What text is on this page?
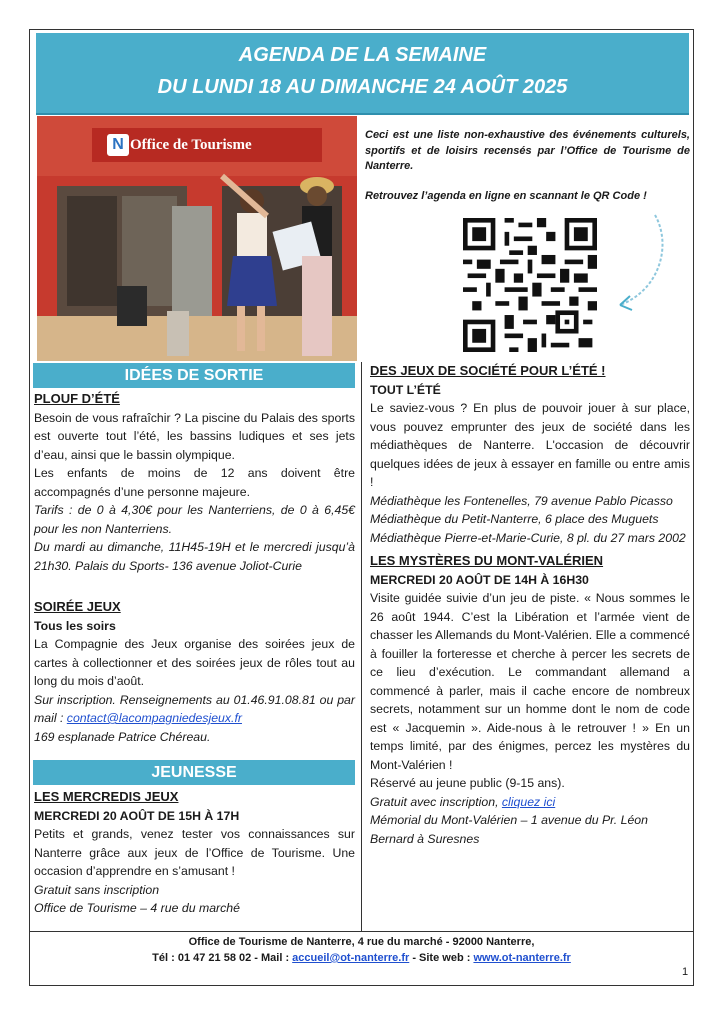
AGENDA DE LA SEMAINE
DU LUNDI 18 AU DIMANCHE 24 AOÛT 2025
Office de Tourisme
N

Ceci est une liste non-exhaustive des événements culturels, sportifs et de loisirs recensés par l’Office de Tourisme de Nanterre.

Retrouvez l’agenda en ligne en scannant le QR Code !

IDÉES DE SORTIE
PLOUF D’ÉTÉ
Besoin de vous rafraîchir ? La piscine du Palais des sports est ouverte tout l’été, les bassins ludiques et ses jets d’eau, ainsi que le bassin olympique.
Les enfants de moins de 12 ans doivent être accompagnés d’une personne majeure.
Tarifs : de 0 à 4,30€ pour les Nanterriens, de 0 à 6,45€ pour les non Nanterriens.
Du mardi au dimanche, 11H45-19H et le mercredi jusqu’à 21h30. Palais du Sports- 136 avenue Joliot-Curie
SOIRÉE JEUX
Tous les soirs
La Compagnie des Jeux organise des soirées jeux de cartes à collectionner et des soirées jeux de rôles tout au long du mois d’août.
Sur inscription. Renseignements au 01.46.91.08.81 ou par mail : contact@lacompagniedesjeux.fr
169 esplanade Patrice Chéreau.
JEUNESSE
LES MERCREDIS JEUX
MERCREDI 20 AOÛT DE 15H À 17H
Petits et grands, venez tester vos connaissances sur Nanterre grâce aux jeux de l’Office de Tourisme. Une occasion d’apprendre en s’amusant !
Gratuit sans inscription
Office de Tourisme – 4 rue du marché
DES JEUX DE SOCIÉTÉ POUR L’ÉTÉ !
TOUT L’ÉTÉ
Le saviez-vous ? En plus de pouvoir jouer à sur place, vous pouvez emprunter des jeux de société dans les médiathèques de Nanterre. L'occasion de découvrir quelques idées de jeux à essayer en famille ou entre amis !
Médiathèque les Fontenelles, 79 avenue Pablo Picasso
Médiathèque du Petit-Nanterre, 6 place des Muguets
Médiathèque Pierre-et-Marie-Curie, 8 pl. du 27 mars 2002
LES MYSTÈRES DU MONT-VALÉRIEN
MERCREDI 20 AOÛT DE 14H À 16H30
Visite guidée suivie d’un jeu de piste. « Nous sommes le 26 août 1944. C’est la Libération et l’armée vient de chasser les Allemands du Mont-Valérien. Elle a commencé à fouiller la forteresse et cherche à percer les secrets de ce lieu d’exécution. Le commandant allemand a commencé à parler, mais il cache encore de nombreux secrets, notamment sur un homme dont le nom de code est « Jacquemin ». Aide-nous à le retrouver ! » En un temps limité, par des énigmes, percez les mystères du Mont-Valérien !
Réservé au jeune public (9-15 ans).
Gratuit avec inscription, cliquez ici
Mémorial du Mont-Valérien – 1 avenue du Pr. Léon Bernard à Suresnes
Office de Tourisme de Nanterre, 4 rue du marché - 92000 Nanterre,
Tél : 01 47 21 58 02 - Mail : accueil@ot-nanterre.fr - Site web : www.ot-nanterre.fr
1
